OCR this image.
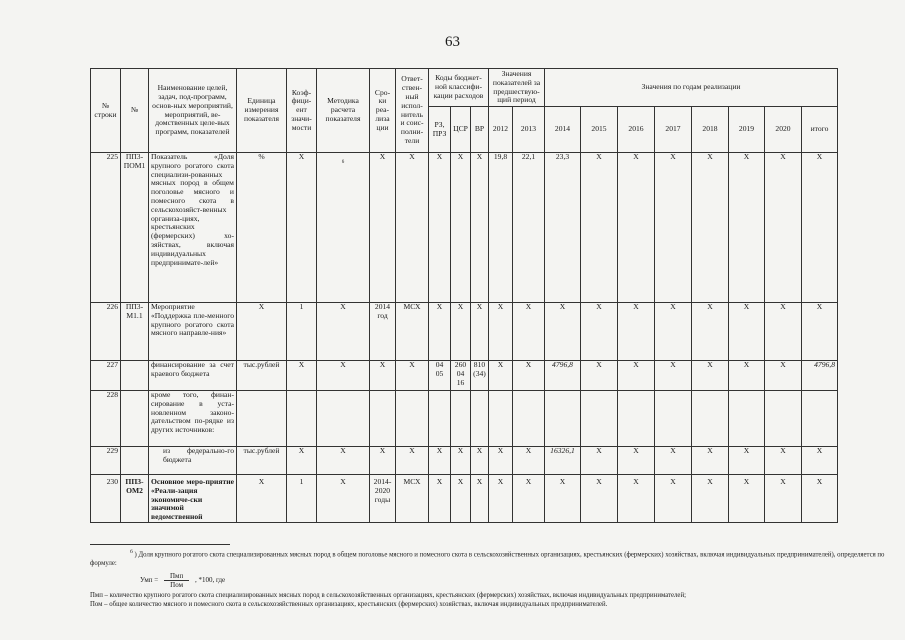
63
№ строки	№	Наименование целей, задач, под-программ, основ-ных мероприятий, мероприятий, ве-домственных целе-вых программ, показателей	Единица измерения показателя	Коэф-фици-ент значи-мости	Методика расчета показателя	Сро-ки реа-лиза ции	Ответ-ствен-ный испол-нитель и соис-полни-тели	Коды бюджет-ной классифи-кации расходов			Значения показателей за предшествую-щий период		Значения по годам реализации							
								РЗ, ПРЗ	ЦСР	ВР	2012	2013	2014	2015	2016	2017	2018	2019	2020	итого
225	ПП3-ПОМ1	Показатель «Доля крупного рогатого скота специализи-рованных мясных пород в общем поголовье мясного и помесного скота в сельскохозяйст-венных организа-циях, крестьянских (фермерских) хо-зяйствах, включая индивидуальных предпринимате-лей»	%	X	6	X	X	X	X	X	19,8	22,1	23,3	X	X	X	X	X	X	X
226	ПП3-М1.1	Мероприятие «Поддержка пле-менного крупного рогатого скота мясного направле-ния»	X	1	X	2014 год	МСХ	X	X	X	X	X	X	X	X	X	X	X	X	X
227		финансирование за счет краевого бюджета	тыс.рублей	X	X	X	X	04 05	260 04 16	810 (34)	X	X	4796,8	X	X	X	X	X	X	4796,8
228		кроме того, финан-сирование в уста-новленном законо-дательством по-рядке из других источников:																		
229		из федерально-го бюджета	тыс.рублей	X	X	X	X	X	X	X	X	X	16326,1	X	X	X	X	X	X	X
230	ПП3-ОМ2	Основное меро-приятие «Реали-зация экономиче-ски значимой ведомственной	X	1	X	2014-2020 годы	МСХ	X	X	X	X	X	X	X	X	X	X	X	X	X
$^6$ ) Доля крупного рогатого скота специализированных мясных пород в общем поголовье мясного и помесного скота в сельскохозяйственных организациях, крестьянских (фермерских) хозяйствах, включая индивидуальных предпринимателей), определяется по формуле:
Умп = $\frac{\text{Пмп}}{\text{Пом}}$ , *100, где
Пмп – количество крупного рогатого скота специализированных мясных пород в сельскохозяйственных организациях, крестьянских (фермерских) хозяйствах, включая индивидуальных предпринимателей;
Пом – общее количество мясного и помесного скота в сельскохозяйственных организациях, крестьянских (фермерских) хозяйствах, включая индивидуальных предпринимателей.
